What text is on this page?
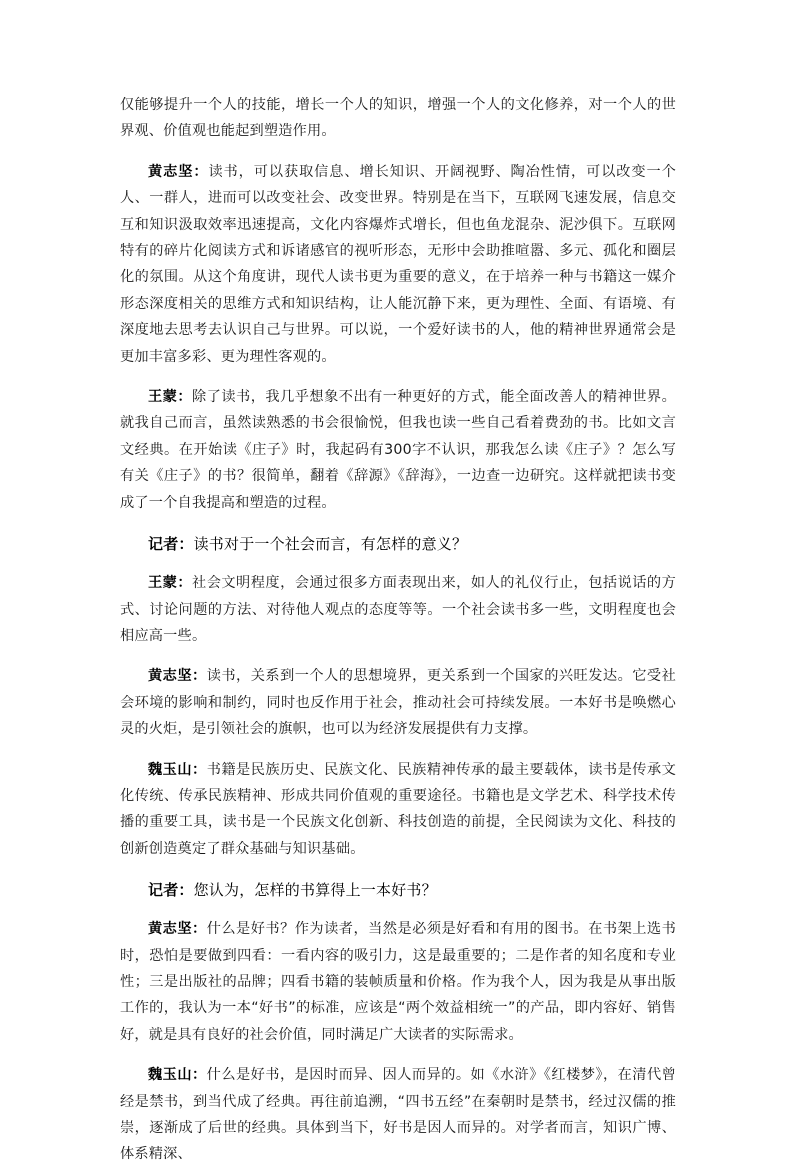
仅能够提升一个人的技能，增长一个人的知识，增强一个人的文化修养，对一个人的世界观、价值观也能起到塑造作用。

黄志坚：读书，可以获取信息、增长知识、开阔视野、陶冶性情，可以改变一个人、一群人，进而可以改变社会、改变世界。特别是在当下，互联网飞速发展，信息交互和知识汲取效率迅速提高，文化内容爆炸式增长，但也鱼龙混杂、泥沙俱下。互联网特有的碎片化阅读方式和诉诸感官的视听形态，无形中会助推喧嚣、多元、孤化和圈层化的氛围。从这个角度讲，现代人读书更为重要的意义，在于培养一种与书籍这一媒介形态深度相关的思维方式和知识结构，让人能沉静下来，更为理性、全面、有语境、有深度地去思考去认识自己与世界。可以说，一个爱好读书的人，他的精神世界通常会是更加丰富多彩、更为理性客观的。

王蒙：除了读书，我几乎想象不出有一种更好的方式，能全面改善人的精神世界。就我自己而言，虽然读熟悉的书会很愉悦，但我也读一些自己看着费劲的书。比如文言文经典。在开始读《庄子》时，我起码有300字不认识，那我怎么读《庄子》？怎么写有关《庄子》的书？很简单，翻着《辞源》《辞海》，一边查一边研究。这样就把读书变成了一个自我提高和塑造的过程。

记者：读书对于一个社会而言，有怎样的意义？

王蒙：社会文明程度，会通过很多方面表现出来，如人的礼仪行止，包括说话的方式、讨论问题的方法、对待他人观点的态度等等。一个社会读书多一些，文明程度也会相应高一些。

黄志坚：读书，关系到一个人的思想境界，更关系到一个国家的兴旺发达。它受社会环境的影响和制约，同时也反作用于社会，推动社会可持续发展。一本好书是唤燃心灵的火炬，是引领社会的旗帜，也可以为经济发展提供有力支撑。

魏玉山：书籍是民族历史、民族文化、民族精神传承的最主要载体，读书是传承文化传统、传承民族精神、形成共同价值观的重要途径。书籍也是文学艺术、科学技术传播的重要工具，读书是一个民族文化创新、科技创造的前提，全民阅读为文化、科技的创新创造奠定了群众基础与知识基础。

记者：您认为，怎样的书算得上一本好书？

黄志坚：什么是好书？作为读者，当然是必须是好看和有用的图书。在书架上选书时，恐怕是要做到四看：一看内容的吸引力，这是最重要的；二是作者的知名度和专业性；三是出版社的品牌；四看书籍的装帧质量和价格。作为我个人，因为我是从事出版工作的，我认为一本“好书”的标准，应该是“两个效益相统一”的产品，即内容好、销售好，就是具有良好的社会价值，同时满足广大读者的实际需求。

魏玉山：什么是好书，是因时而异、因人而异的。如《水浒》《红楼梦》，在清代曾经是禁书，到当代成了经典。再往前追溯，“四书五经”在秦朝时是禁书，经过汉儒的推崇，逐渐成了后世的经典。具体到当下，好书是因人而异的。对学者而言，知识广博、体系精深、
